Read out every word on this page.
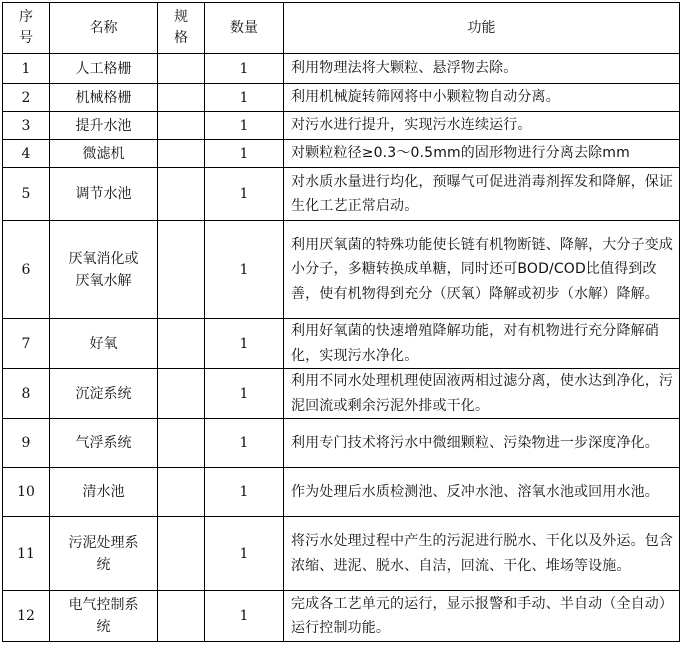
序号	名称	规格	数量	功能
1	人工格栅		1	利用物理法将大颗粒、悬浮物去除。
2	机械格栅		1	利用机械旋转筛网将中小颗粒物自动分离。
3	提升水池		1	对污水进行提升，实现污水连续运行。
4	微滤机		1	对颗粒粒径≥0.3～0.5mm的固形物进行分离去除mm
5	调节水池		1	对水质水量进行均化，预曝气可促进消毒剂挥发和降解，保证生化工艺正常启动。
6	厌氧消化或厌氧水解		1	利用厌氧菌的特殊功能使长链有机物断链、降解，大分子变成小分子，多糖转换成单糖，同时还可BOD/COD比值得到改善，使有机物得到充分（厌氧）降解或初步（水解）降解。
7	好氧		1	利用好氧菌的快速增殖降解功能，对有机物进行充分降解硝化，实现污水净化。
8	沉淀系统		1	利用不同水处理机理使固液两相过滤分离，使水达到净化，污泥回流或剩余污泥外排或干化。
9	气浮系统		1	利用专门技术将污水中微细颗粒、污染物进一步深度净化。
10	清水池		1	作为处理后水质检测池、反冲水池、溶氧水池或回用水池。
11	污泥处理系统		1	将污水处理过程中产生的污泥进行脱水、干化以及外运。包含浓缩、进泥、脱水、自洁，回流、干化、堆场等设施。
12	电气控制系统		1	完成各工艺单元的运行，显示报警和手动、半自动（全自动）运行控制功能。
